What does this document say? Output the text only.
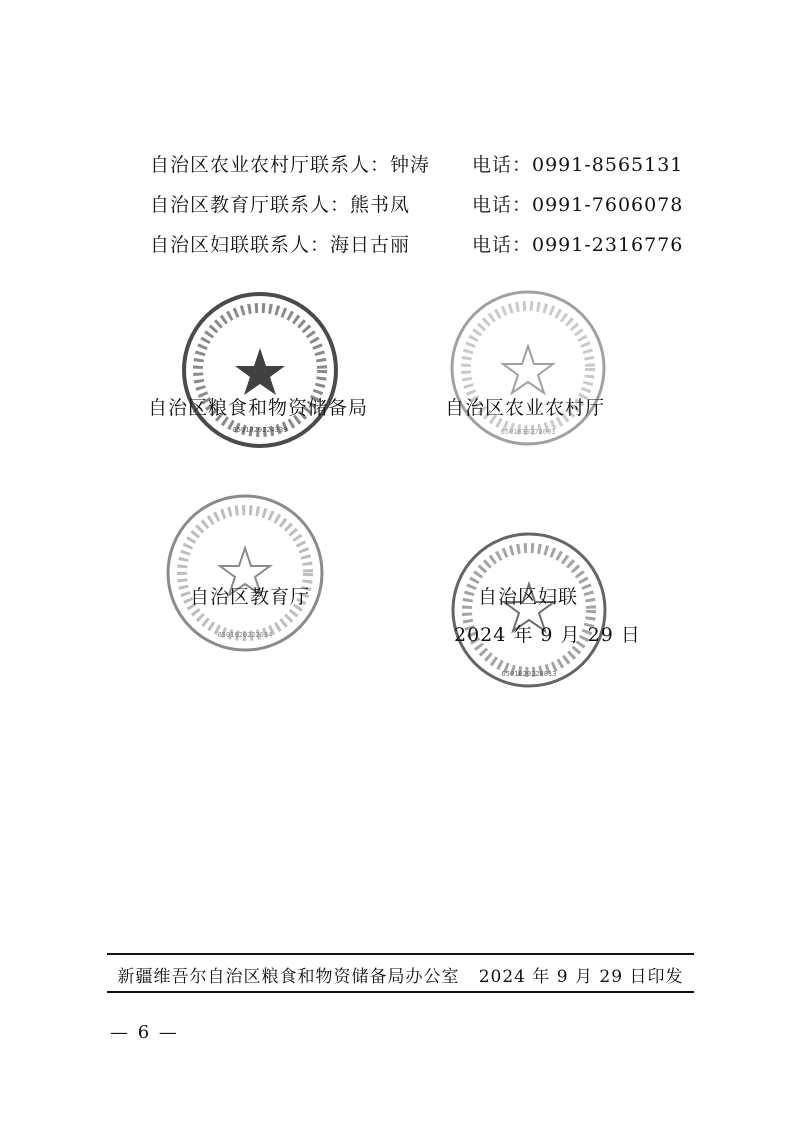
自治区农业农村厅联系人：钟涛 电话：0991-8565131
自治区教育厅联系人：熊书凤	电话：0991-7606078
自治区妇联联系人：海日古丽	电话：0991-2316776
6501020224339
自治区粮食和物资储备局
6501030272003
自治区农业农村厅
6501020222634
自治区教育厅
6501020228813
自治区妇联
2024 年 9 月 29 日
新疆维吾尔自治区粮食和物资储备局办公室 2024 年 9 月 29 日印发
— 6 —
